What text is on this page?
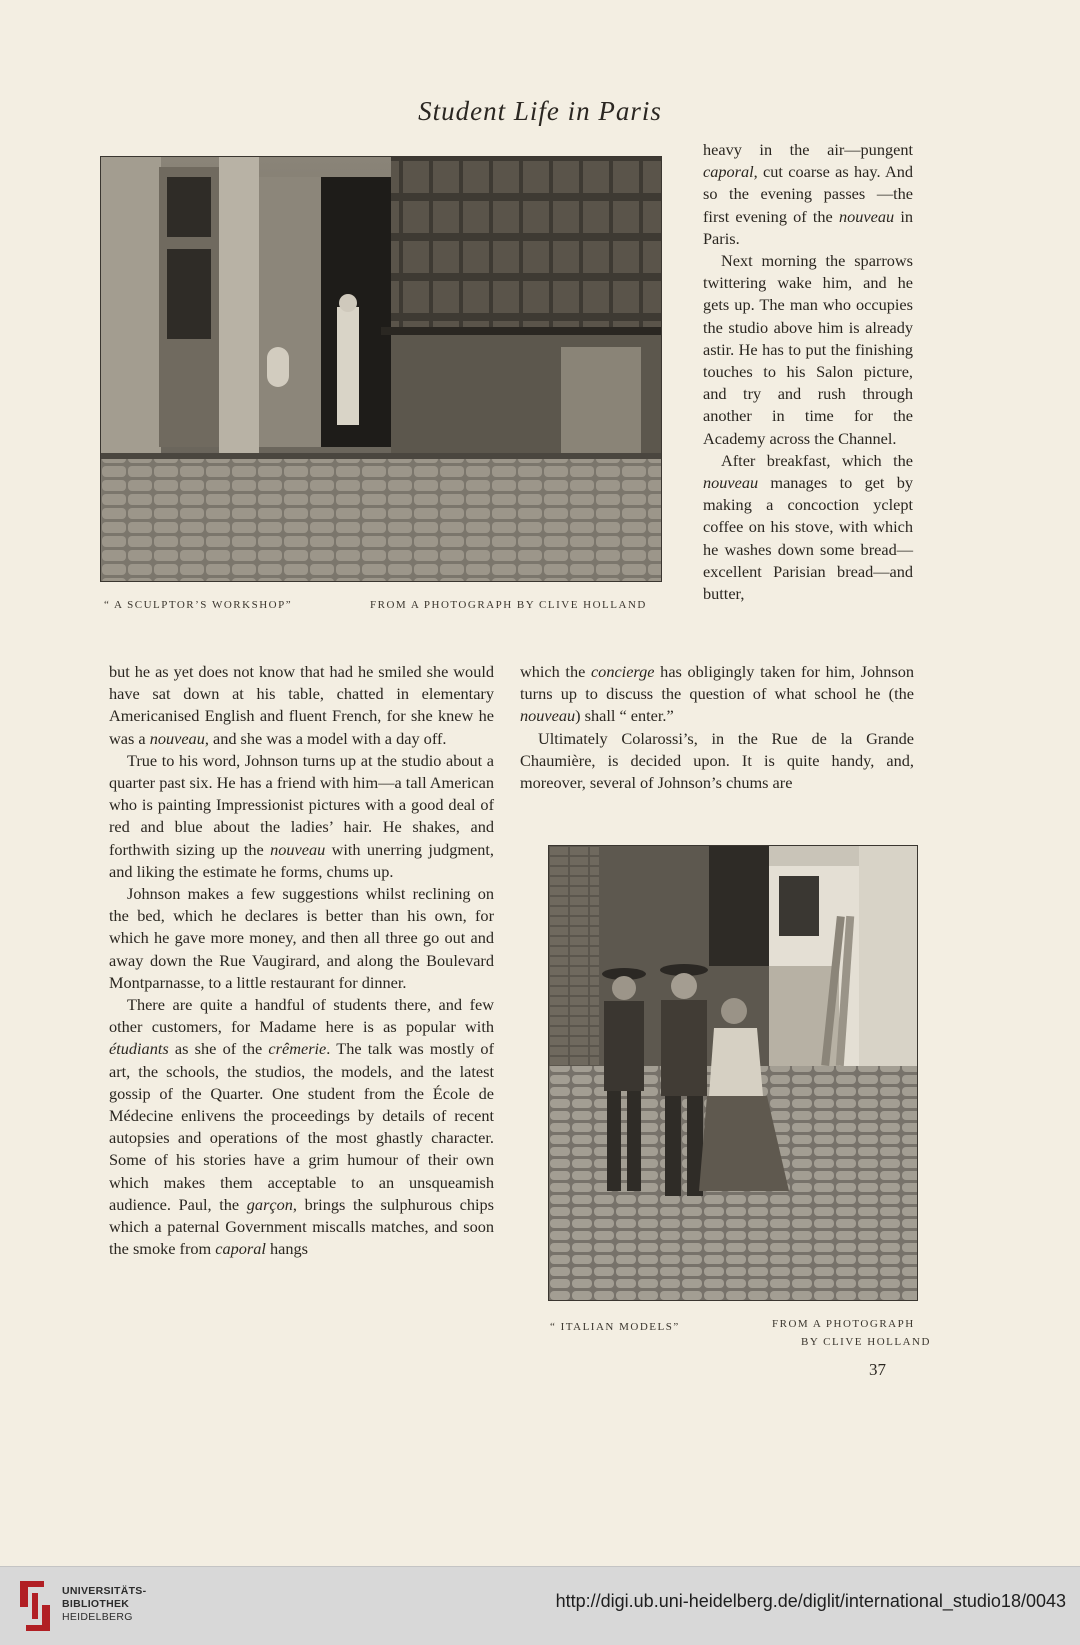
Student Life in Paris
“ A SCULPTOR’S WORKSHOP”	FROM A PHOTOGRAPH BY CLIVE HOLLAND

heavy in the air—pungent caporal, cut coarse as hay. And so the evening passes —the first evening of the nouveau in Paris.

Next morning the sparrows twittering wake him, and he gets up. The man who occupies the studio above him is already astir. He has to put the finishing touches to his Salon picture, and try and rush through another in time for the Academy across the Channel.

After breakfast, which the nouveau manages to get by making a concoction yclept coffee on his stove, with which he washes down some bread—excellent Parisian bread—and butter,

which the concierge has obligingly taken for him, Johnson turns up to discuss the question of what school he (the nouveau) shall “ enter.”

Ultimately Colarossi’s, in the Rue de la Grande Chaumière, is decided upon. It is quite handy, and, moreover, several of Johnson’s chums are

but he as yet does not know that had he smiled she would have sat down at his table, chatted in elementary Americanised English and fluent French, for she knew he was a nouveau, and she was a model with a day off.

True to his word, Johnson turns up at the studio about a quarter past six. He has a friend with him—a tall American who is painting Impressionist pictures with a good deal of red and blue about the ladies’ hair. He shakes, and forthwith sizing up the nouveau with unerring judgment, and liking the estimate he forms, chums up.

Johnson makes a few suggestions whilst reclining on the bed, which he declares is better than his own, for which he gave more money, and then all three go out and away down the Rue Vaugirard, and along the Boulevard Montparnasse, to a little restaurant for dinner.

There are quite a handful of students there, and few other customers, for Madame here is as popular with étudiants as she of the crêmerie. The talk was mostly of art, the schools, the studios, the models, and the latest gossip of the Quarter. One student from the École de Médecine enlivens the proceedings by details of recent autopsies and operations of the most ghastly character. Some of his stories have a grim humour of their own which makes them acceptable to an unsqueamish audience. Paul, the garçon, brings the sulphurous chips which a paternal Government miscalls matches, and soon the smoke from caporal hangs

“ ITALIAN MODELS”	FROM A PHOTOGRAPH
BY CLIVE HOLLAND
37
UNIVERSITÄTS-
BIBLIOTHEK
HEIDELBERG
http://digi.ub.uni-heidelberg.de/diglit/international_studio18/0043
